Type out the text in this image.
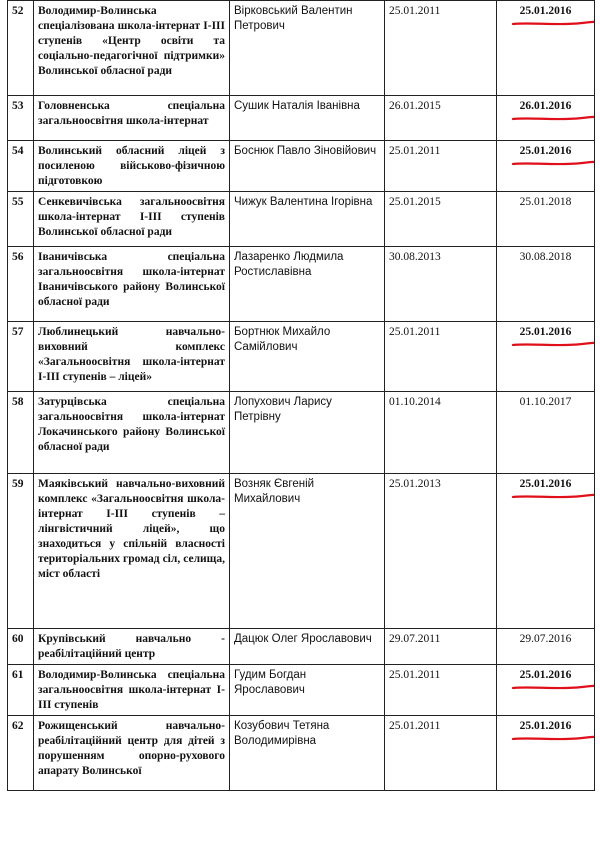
52	Володимир-Волинська спеціалізована школа-інтернат І-ІІІ ступенів «Центр освіти та соціально-педагогічної підтримки» Волинської обласної ради	Вірковський Валентин Петрович	25.01.2011	25.01.2016

53	Головненська спеціальна загальноосвітня школа-інтернат	Сушик Наталія Іванівна	26.01.2015	26.01.2016

54	Волинський обласний ліцей з посиленою військово-фізичною підготовкою	Боснюк Павло Зіновійович	25.01.2011	25.01.2016

55	Сенкевичівська загальноосвітня школа-інтернат І-ІІІ ступенів Волинської обласної ради	Чижук Валентина Ігорівна	25.01.2015	25.01.2018
56	Іваничівська спеціальна загальноосвітня школа-інтернат Іваничівського району Волинської обласної ради	Лазаренко Людмила Ростиславівна	30.08.2013	30.08.2018
57	Люблинецький навчально-виховний комплекс «Загальноосвітня школа-інтернат І-ІІІ ступенів – ліцей»	Бортнюк Михайло Самійлович	25.01.2011	25.01.2016

58	Затурцівська спеціальна загальноосвітня школа-інтернат Локачинського району Волинської обласної ради	Лопухович Ларису Петрівну	01.10.2014	01.10.2017
59	Маяківський навчально-виховний комплекс «Загальноосвітня школа-інтернат І-ІІІ ступенів – лінгвістичний ліцей», що знаходиться у спільній власності територіальних громад сіл, селища, міст області	Возняк Євгеній Михайлович	25.01.2013	25.01.2016

60	Крупівський навчально - реабілітаційний центр	Дацюк Олег Ярославович	29.07.2011	29.07.2016
61	Володимир-Волинська спеціальна загальноосвітня школа-інтернат І-ІІІ ступенів	Гудим Богдан Ярославович	25.01.2011	25.01.2016

62	Рожищенський навчально-реабілітаційний центр для дітей з порушенням опорно-рухового апарату Волинської	Козубович Тетяна Володимирівна	25.01.2011	25.01.2016
